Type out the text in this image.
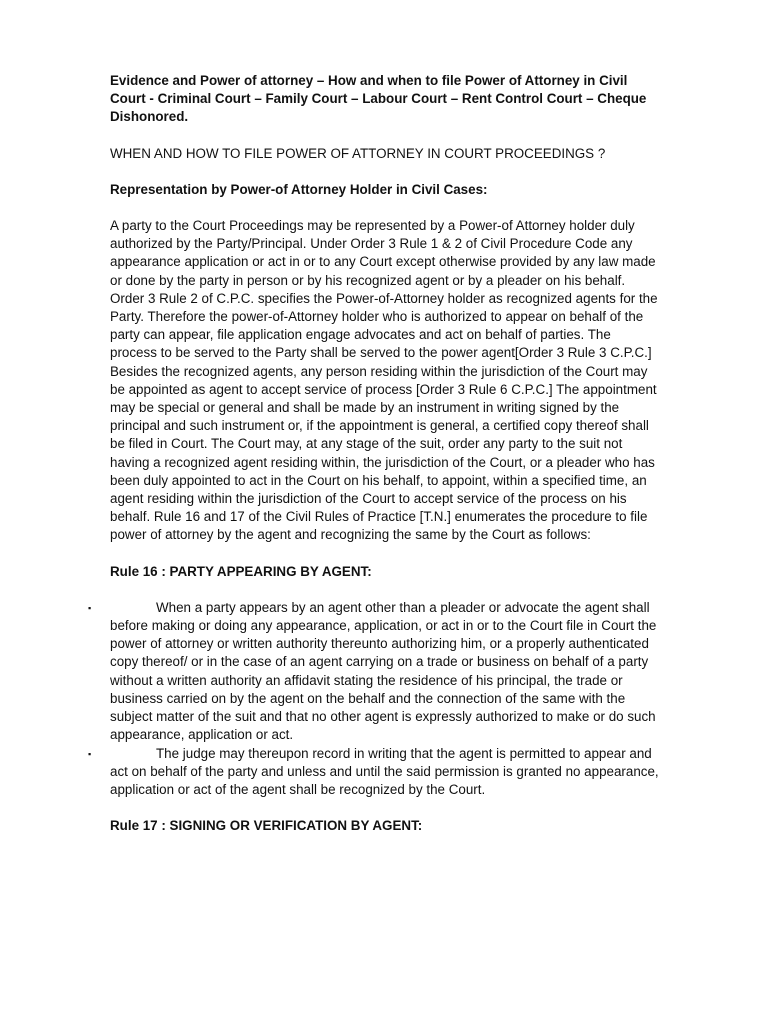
Evidence and Power of attorney – How and when to file Power of Attorney in Civil Court - Criminal Court – Family Court – Labour Court – Rent Control Court – Cheque Dishonored.

WHEN AND HOW TO FILE POWER OF ATTORNEY IN COURT PROCEEDINGS ?

Representation by Power-of Attorney Holder in Civil Cases:

A party to the Court Proceedings may be represented by a Power-of Attorney holder duly authorized by the Party/Principal. Under Order 3 Rule 1 & 2 of Civil Procedure Code any appearance application or act in or to any Court except otherwise provided by any law made or done by the party in person or by his recognized agent or by a pleader on his behalf. Order 3 Rule 2 of C.P.C. specifies the Power-of-Attorney holder as recognized agents for the Party. Therefore the power-of-Attorney holder who is authorized to appear on behalf of the party can appear, file application engage advocates and act on behalf of parties. The process to be served to the Party shall be served to the power agent[Order 3 Rule 3 C.P.C.] Besides the recognized agents, any person residing within the jurisdiction of the Court may be appointed as agent to accept service of process [Order 3 Rule 6 C.P.C.] The appointment may be special or general and shall be made by an instrument in writing signed by the principal and such instrument or, if the appointment is general, a certified copy thereof shall be filed in Court. The Court may, at any stage of the suit, order any party to the suit not having a recognized agent residing within, the jurisdiction of the Court, or a pleader who has been duly appointed to act in the Court on his behalf, to appoint, within a specified time, an agent residing within the jurisdiction of the Court to accept service of the process on his behalf. Rule 16 and 17 of the Civil Rules of Practice [T.N.] enumerates the procedure to file power of attorney by the agent and recognizing the same by the Court as follows:

Rule 16 : PARTY APPEARING BY AGENT:

▪	When a party appears by an agent other than a pleader or advocate the agent shall before making or doing any appearance, application, or act in or to the Court file in Court the power of attorney or written authority thereunto authorizing him, or a properly authenticated copy thereof/ or in the case of an agent carrying on a trade or business on behalf of a party without a written authority an affidavit stating the residence of his principal, the trade or business carried on by the agent on the behalf and the connection of the same with the subject matter of the suit and that no other agent is expressly authorized to make or do such appearance, application or act.
▪	The judge may thereupon record in writing that the agent is permitted to appear and act on behalf of the party and unless and until the said permission is granted no appearance, application or act of the agent shall be recognized by the Court.

Rule 17 : SIGNING OR VERIFICATION BY AGENT:
